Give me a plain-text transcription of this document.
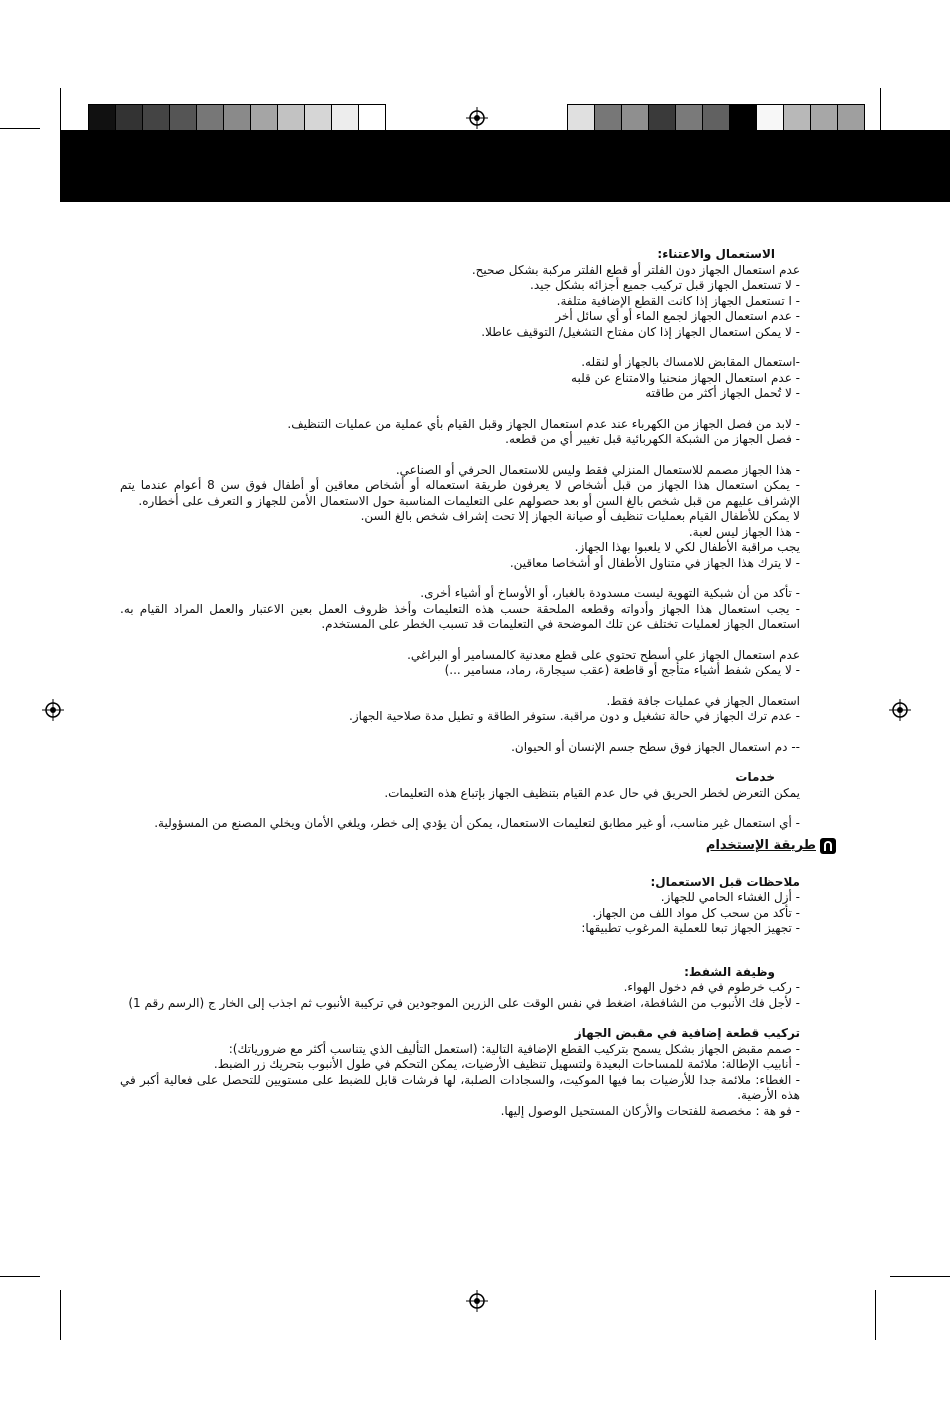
الاستعمال والاعتناء:

عدم استعمال الجهاز دون الفلتر أو قطع الفلتر مركبة بشكل صحيح.

- لا تستعمل الجهاز قبل تركيب جميع أجزائه بشكل جيد.

- ا تستعمل الجهاز إذا كانت القطع الإضافية متلفة.

- عدم استعمال الجهاز لجمع الماء أو أي سائل أخر

- لا يمكن استعمال الجهاز إذا كان مفتاح التشغيل/ التوقيف عاطلا.

-استعمال المقابض للامساك بالجهاز أو لنقله.

- عدم استعمال الجهاز منحنيا والامتناع عن قلبه

- لا تُحمل الجهاز أكثر من طاقته

- لابد من فصل الجهاز من الكهرباء عند عدم استعمال الجهاز وقبل القيام بأي عملية من عمليات التنظيف.

- فصل الجهاز من الشبكة الكهربائية قبل تغيير أي من قطعه.

- هذا الجهاز مصمم للاستعمال المنزلي فقط وليس للاستعمال الحرفي أو الصناعي.

- يمكن استعمال هذا الجهاز من قبل أشخاص لا يعرفون طريقة استعماله أو أشخاص معاقين أو أطفال فوق سن 8 أعوام عندما يتم الإشراف عليهم من قبل شخص بالغ السن أو بعد حصولهم على التعليمات المناسبة حول الاستعمال الأمن للجهاز و التعرف على أخطاره.

لا يمكن للأطفال القيام بعمليات تنظيف أو صيانة الجهاز إلا تحت إشراف شخص بالغ السن.

- هذا الجهاز ليس لعبة.

يجب مراقبة الأطفال لكي لا يلعبوا بهذا الجهاز.

- لا يترك هذا الجهاز في متناول الأطفال أو أشخاصا معاقين.

- تأكد من أن شبكية التهوية ليست مسدودة بالغبار، أو الأوساخ أو أشياء أخرى.

- يجب استعمال هذا الجهاز وأدواته وقطعه الملحقة حسب هذه التعليمات وأخذ ظروف العمل بعين الاعتبار والعمل المراد القيام به. استعمال الجهاز لعمليات تختلف عن تلك الموضحة في التعليمات قد تسبب الخطر على المستخدم.

عدم استعمال الجهاز على أسطح تحتوي على قطع معدنية كالمسامير أو البراغي.

- لا يمكن شفط أشياء متأجج أو قاطعة (عقب سيجارة، رماد، مسامير ...)

استعمال الجهاز في عمليات جافة فقط.

- عدم ترك الجهاز في حالة تشغيل و دون مراقبة. ستوفر الطاقة و تطيل مدة صلاحية الجهاز.

-- دم استعمال الجهاز فوق سطح جسم الإنسان أو الحيوان.

خدمات

يمكن التعرض لخطر الحريق في حال عدم القيام بتنظيف الجهاز بإتباع هذه التعليمات.

- أي استعمال غير مناسب، أو غير مطابق لتعليمات الاستعمال، يمكن أن يؤدي إلى خطر، ويلغي الأمان ويخلي المصنع من المسؤولية.

طريقة الإستخدام

ملاحظات قبل الاستعمال:

- أزل الغشاء الحامي للجهاز.

- تأكد من سحب كل مواد اللف من الجهاز.

- تجهيز الجهاز تبعا للعملية المرغوب تطبيقها:

وظيفة الشفط:

- ركب خرطوم في فم دخول الهواء.

- لأجل فك الأنبوب من الشافطة، اضغط في نفس الوقت على الزرين الموجودين في تركيبة الأنبوب ثم اجذب إلى الخار ج (الرسم رقم 1)

تركيب قطعة إضافية في مقبض الجهاز

- صمم مقبض الجهاز بشكل يسمح بتركيب القطع الإضافية التالية: (استعمل التأليف الذي يتناسب أكثر مع ضرورياتك):

- أنابيب الإطالة: ملائمة للمساحات البعيدة ولتسهيل تنظيف الأرضيات، يمكن التحكم في طول الأنبوب بتحريك زر الضبط.

- الغطاء: ملائمة جدا للأرضيات بما فيها الموكيت، والسجادات الصلبة، لها فرشات قابل للضبط على مستويين للتحصل على فعالية أكبر في هذه الأرضية.

- فو هة : مخصصة للفتحات والأركان المستحيل الوصول إليها.
